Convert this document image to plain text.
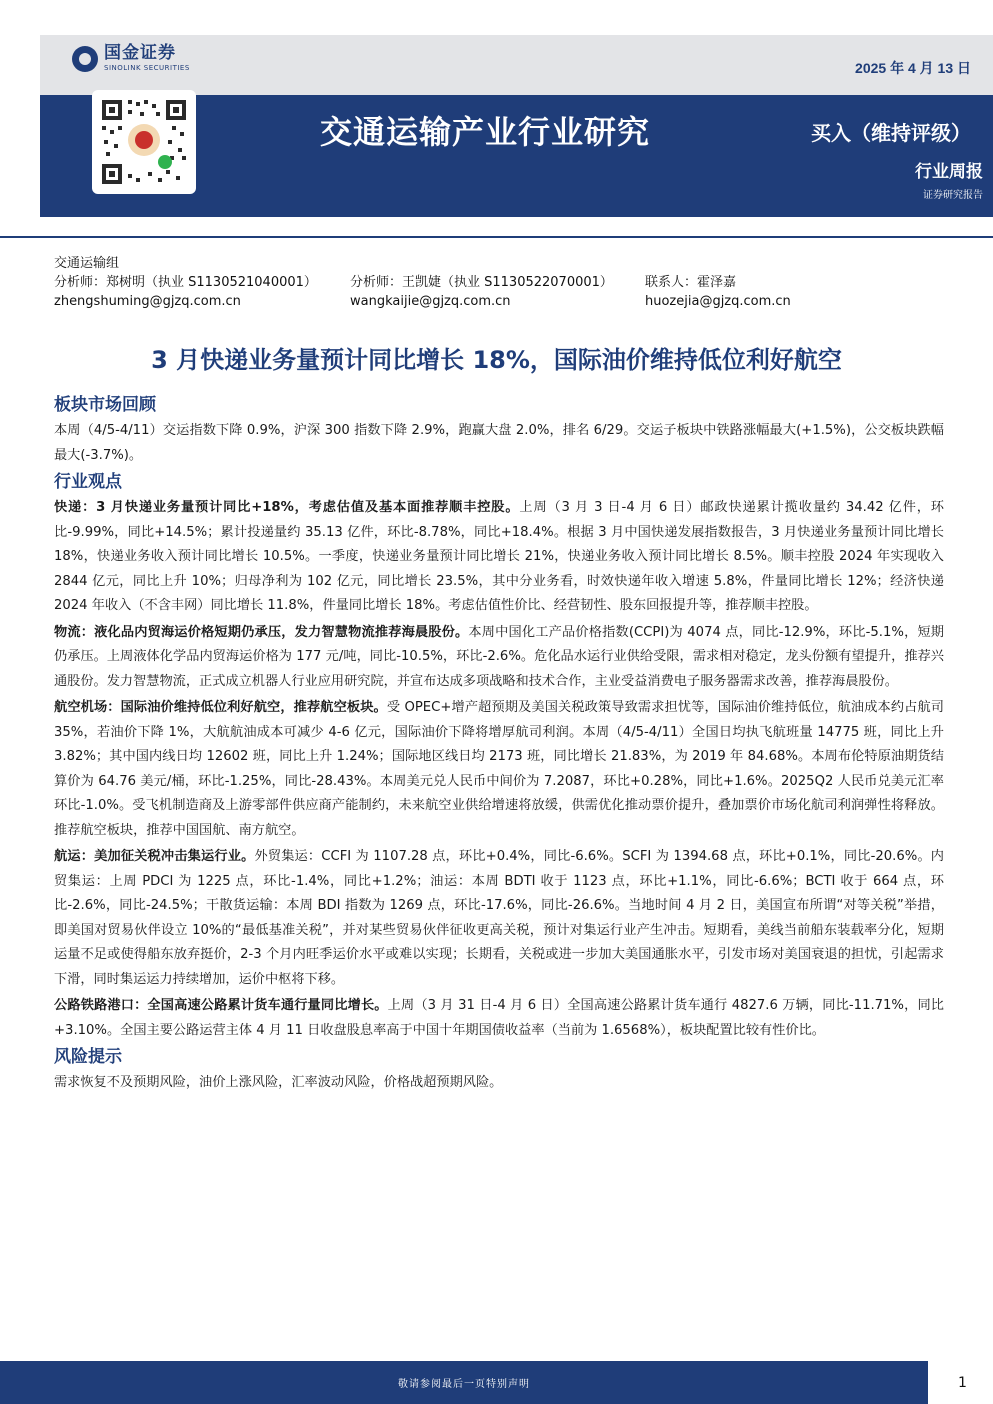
国金证券
SINOLINK SECURITIES	2025 年 4 月 13 日
交通运输产业行业研究	买入（维持评级）
行业周报
证券研究报告
交通运输组
分析师：郑树明（执业 S1130521040001）	分析师：王凯婕（执业 S1130522070001）	联系人：霍泽嘉
zhengshuming@gjzq.com.cn	wangkaijie@gjzq.com.cn	huozejia@gjzq.com.cn
3 月快递业务量预计同比增长 18%，国际油价维持低位利好航空
板块市场回顾

本周（4/5-4/11）交运指数下降 0.9%，沪深 300 指数下降 2.9%，跑赢大盘 2.0%，排名 6/29。交运子板块中铁路涨幅最大(+1.5%)，公交板块跌幅最大(-3.7%)。

行业观点

快递：3 月快递业务量预计同比+18%，考虑估值及基本面推荐顺丰控股。上周（3 月 3 日-4 月 6 日）邮政快递累计揽收量约 34.42 亿件，环比-9.99%，同比+14.5%；累计投递量约 35.13 亿件，环比-8.78%，同比+18.4%。根据 3 月中国快递发展指数报告，3 月快递业务量预计同比增长 18%，快递业务收入预计同比增长 10.5%。一季度，快递业务量预计同比增长 21%，快递业务收入预计同比增长 8.5%。顺丰控股 2024 年实现收入 2844 亿元，同比上升 10%；归母净利为 102 亿元，同比增长 23.5%，其中分业务看，时效快递年收入增速 5.8%，件量同比增长 12%；经济快递 2024 年收入（不含丰网）同比增长 11.8%，件量同比增长 18%。考虑估值性价比、经营韧性、股东回报提升等，推荐顺丰控股。

物流：液化品内贸海运价格短期仍承压，发力智慧物流推荐海晨股份。本周中国化工产品价格指数(CCPI)为 4074 点，同比-12.9%，环比-5.1%，短期仍承压。上周液体化学品内贸海运价格为 177 元/吨，同比-10.5%，环比-2.6%。危化品水运行业供给受限，需求相对稳定，龙头份额有望提升，推荐兴通股份。发力智慧物流，正式成立机器人行业应用研究院，并宣布达成多项战略和技术合作，主业受益消费电子服务器需求改善，推荐海晨股份。

航空机场：国际油价维持低位利好航空，推荐航空板块。受 OPEC+增产超预期及美国关税政策导致需求担忧等，国际油价维持低位，航油成本约占航司 35%，若油价下降 1%，大航航油成本可减少 4-6 亿元，国际油价下降将增厚航司利润。本周（4/5-4/11）全国日均执飞航班量 14775 班，同比上升 3.82%；其中国内线日均 12602 班，同比上升 1.24%；国际地区线日均 2173 班，同比增长 21.83%，为 2019 年 84.68%。本周布伦特原油期货结算价为 64.76 美元/桶，环比-1.25%，同比-28.43%。本周美元兑人民币中间价为 7.2087，环比+0.28%，同比+1.6%。2025Q2 人民币兑美元汇率环比-1.0%。受飞机制造商及上游零部件供应商产能制约，未来航空业供给增速将放缓，供需优化推动票价提升，叠加票价市场化航司利润弹性将释放。推荐航空板块，推荐中国国航、南方航空。

航运：美加征关税冲击集运行业。外贸集运：CCFI 为 1107.28 点，环比+0.4%，同比-6.6%。SCFI 为 1394.68 点，环比+0.1%，同比-20.6%。内贸集运：上周 PDCI 为 1225 点，环比-1.4%，同比+1.2%；油运：本周 BDTI 收于 1123 点，环比+1.1%，同比-6.6%；BCTI 收于 664 点，环比-2.6%，同比-24.5%；干散货运输：本周 BDI 指数为 1269 点，环比-17.6%，同比-26.6%。当地时间 4 月 2 日，美国宣布所谓“对等关税”举措，即美国对贸易伙伴设立 10%的“最低基准关税”，并对某些贸易伙伴征收更高关税，预计对集运行业产生冲击。短期看，美线当前船东装载率分化，短期运量不足或使得船东放弃挺价，2-3 个月内旺季运价水平或难以实现；长期看，关税或进一步加大美国通胀水平，引发市场对美国衰退的担忧，引起需求下滑，同时集运运力持续增加，运价中枢将下移。

公路铁路港口：全国高速公路累计货车通行量同比增长。上周（3 月 31 日-4 月 6 日）全国高速公路累计货车通行 4827.6 万辆，同比-11.71%，同比+3.10%。全国主要公路运营主体 4 月 11 日收盘股息率高于中国十年期国债收益率（当前为 1.6568%），板块配置比较有性价比。

风险提示

需求恢复不及预期风险，油价上涨风险，汇率波动风险，价格战超预期风险。

敬请参阅最后一页特别声明	1
